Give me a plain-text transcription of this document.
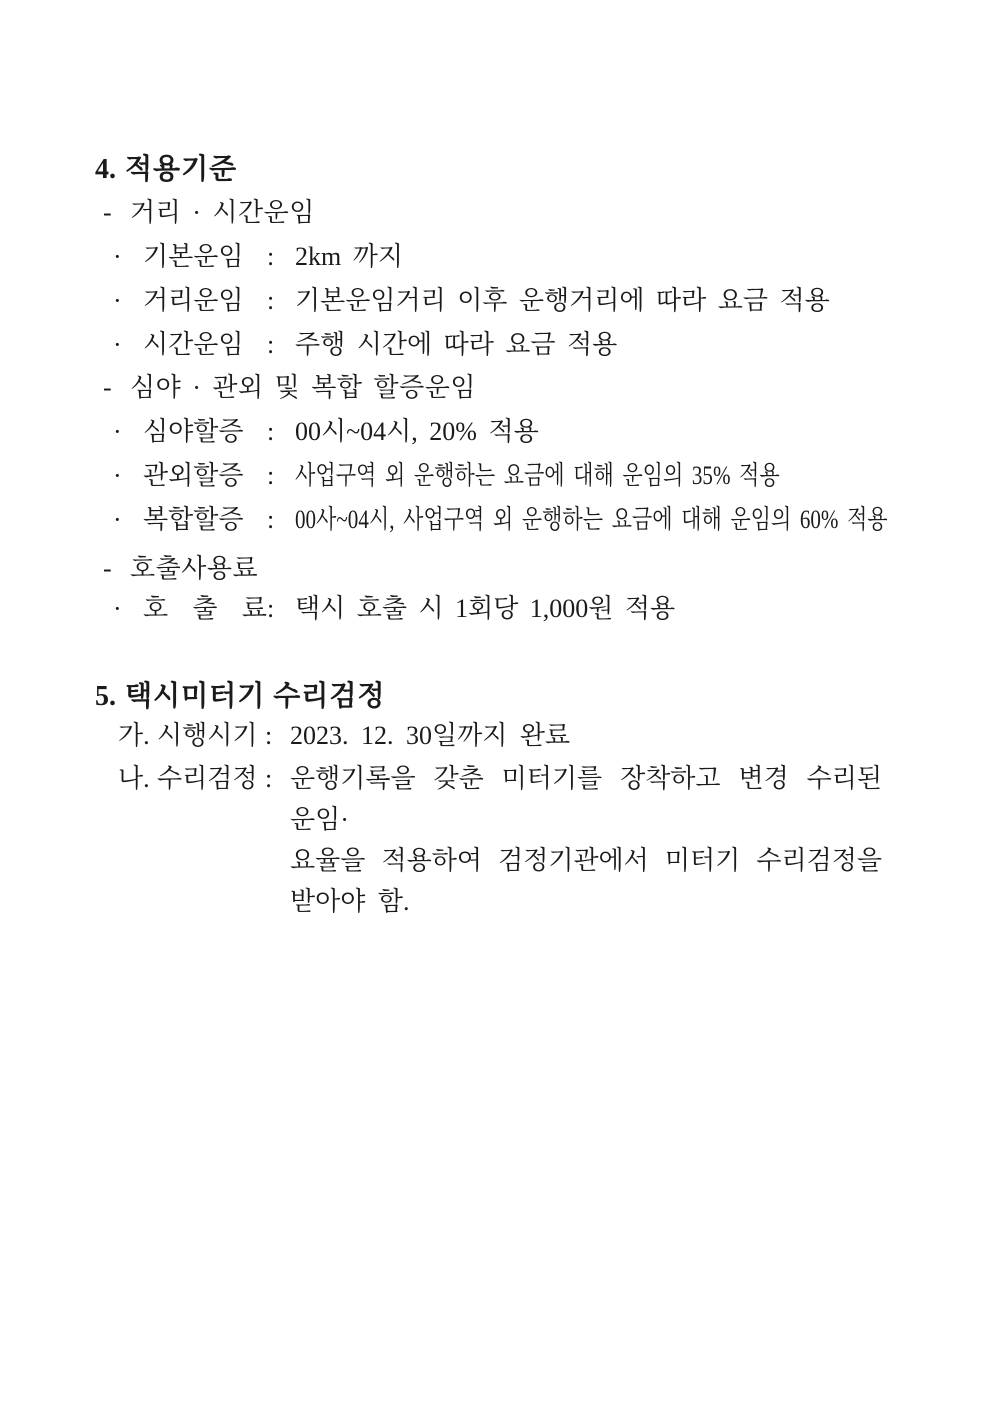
4. 적용기준
- 거리 · 시간운임
· 기본운임 : 2km 까지
· 거리운임 : 기본운임거리 이후 운행거리에 따라 요금 적용
· 시간운임 : 주행 시간에 따라 요금 적용
- 심야 · 관외 및 복합 할증운임
· 심야할증 : 00시~04시, 20% 적용
· 관외할증 : 사업구역 외 운행하는 요금에 대해 운임의 35% 적용
· 복합할증 : 00사~04시, 사업구역 외 운행하는 요금에 대해 운임의 60% 적용
- 호출사용료
· 호 출 료: 택시 호출 시 1회당 1,000원 적용
5. 택시미터기 수리검정
가. 시행시기 : 2023. 12. 30일까지 완료
나. 수리검정 : 운행기록을 갖춘 미터기를 장착하고 변경 수리된 운임·
요율을 적용하여 검정기관에서 미터기 수리검정을
받아야 함.
